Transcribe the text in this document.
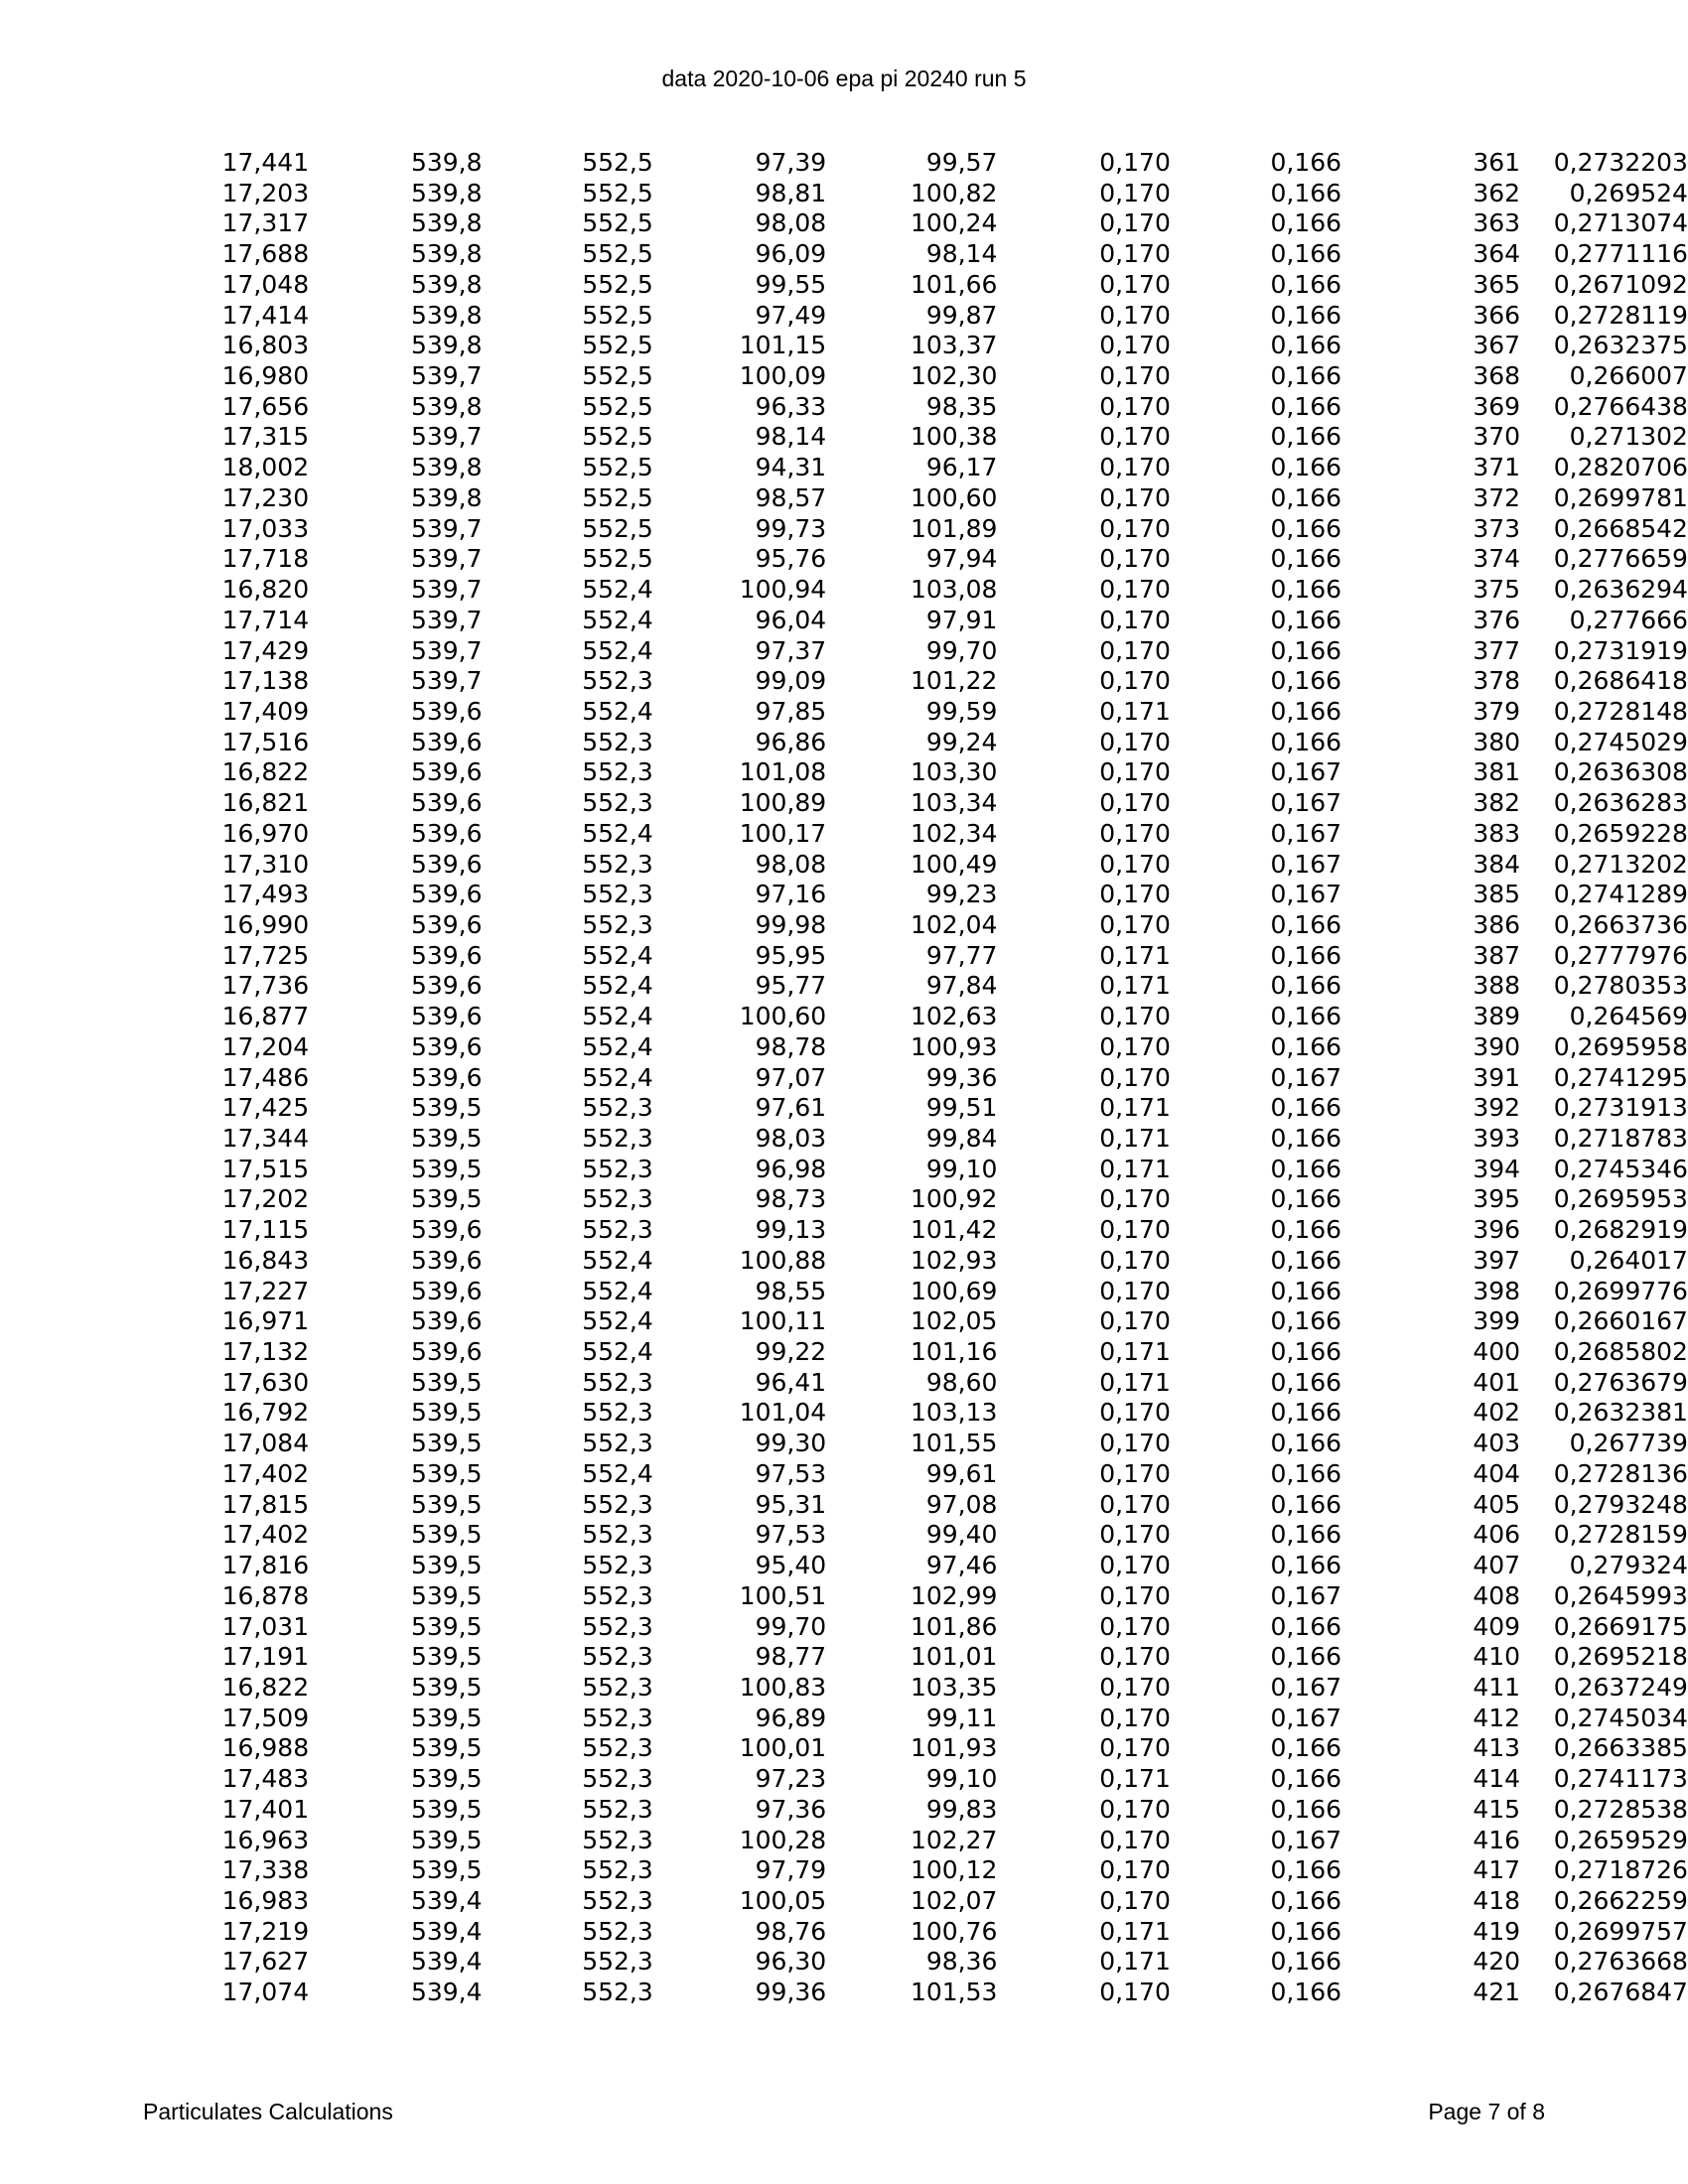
data 2020-10-06 epa pi 20240 run 5
17,441	539,8	552,5	97,39	99,57	0,170	0,166	361	0,2732203	
17,203	539,8	552,5	98,81	100,82	0,170	0,166	362	0,269524	
17,317	539,8	552,5	98,08	100,24	0,170	0,166	363	0,2713074	
17,688	539,8	552,5	96,09	98,14	0,170	0,166	364	0,2771116	
17,048	539,8	552,5	99,55	101,66	0,170	0,166	365	0,2671092	
17,414	539,8	552,5	97,49	99,87	0,170	0,166	366	0,2728119	
16,803	539,8	552,5	101,15	103,37	0,170	0,166	367	0,2632375	
16,980	539,7	552,5	100,09	102,30	0,170	0,166	368	0,266007	
17,656	539,8	552,5	96,33	98,35	0,170	0,166	369	0,2766438	
17,315	539,7	552,5	98,14	100,38	0,170	0,166	370	0,271302	
18,002	539,8	552,5	94,31	96,17	0,170	0,166	371	0,2820706	
17,230	539,8	552,5	98,57	100,60	0,170	0,166	372	0,2699781	
17,033	539,7	552,5	99,73	101,89	0,170	0,166	373	0,2668542	
17,718	539,7	552,5	95,76	97,94	0,170	0,166	374	0,2776659	
16,820	539,7	552,4	100,94	103,08	0,170	0,166	375	0,2636294	
17,714	539,7	552,4	96,04	97,91	0,170	0,166	376	0,277666	
17,429	539,7	552,4	97,37	99,70	0,170	0,166	377	0,2731919	
17,138	539,7	552,3	99,09	101,22	0,170	0,166	378	0,2686418	
17,409	539,6	552,4	97,85	99,59	0,171	0,166	379	0,2728148	
17,516	539,6	552,3	96,86	99,24	0,170	0,166	380	0,2745029	
16,822	539,6	552,3	101,08	103,30	0,170	0,167	381	0,2636308	
16,821	539,6	552,3	100,89	103,34	0,170	0,167	382	0,2636283	
16,970	539,6	552,4	100,17	102,34	0,170	0,167	383	0,2659228	
17,310	539,6	552,3	98,08	100,49	0,170	0,167	384	0,2713202	
17,493	539,6	552,3	97,16	99,23	0,170	0,167	385	0,2741289	
16,990	539,6	552,3	99,98	102,04	0,170	0,166	386	0,2663736	
17,725	539,6	552,4	95,95	97,77	0,171	0,166	387	0,2777976	
17,736	539,6	552,4	95,77	97,84	0,171	0,166	388	0,2780353	
16,877	539,6	552,4	100,60	102,63	0,170	0,166	389	0,264569	
17,204	539,6	552,4	98,78	100,93	0,170	0,166	390	0,2695958	
17,486	539,6	552,4	97,07	99,36	0,170	0,167	391	0,2741295	
17,425	539,5	552,3	97,61	99,51	0,171	0,166	392	0,2731913	
17,344	539,5	552,3	98,03	99,84	0,171	0,166	393	0,2718783	
17,515	539,5	552,3	96,98	99,10	0,171	0,166	394	0,2745346	
17,202	539,5	552,3	98,73	100,92	0,170	0,166	395	0,2695953	
17,115	539,6	552,3	99,13	101,42	0,170	0,166	396	0,2682919	
16,843	539,6	552,4	100,88	102,93	0,170	0,166	397	0,264017	
17,227	539,6	552,4	98,55	100,69	0,170	0,166	398	0,2699776	
16,971	539,6	552,4	100,11	102,05	0,170	0,166	399	0,2660167	
17,132	539,6	552,4	99,22	101,16	0,171	0,166	400	0,2685802	
17,630	539,5	552,3	96,41	98,60	0,171	0,166	401	0,2763679	
16,792	539,5	552,3	101,04	103,13	0,170	0,166	402	0,2632381	
17,084	539,5	552,3	99,30	101,55	0,170	0,166	403	0,267739	
17,402	539,5	552,4	97,53	99,61	0,170	0,166	404	0,2728136	
17,815	539,5	552,3	95,31	97,08	0,170	0,166	405	0,2793248	
17,402	539,5	552,3	97,53	99,40	0,170	0,166	406	0,2728159	
17,816	539,5	552,3	95,40	97,46	0,170	0,166	407	0,279324	
16,878	539,5	552,3	100,51	102,99	0,170	0,167	408	0,2645993	
17,031	539,5	552,3	99,70	101,86	0,170	0,166	409	0,2669175	
17,191	539,5	552,3	98,77	101,01	0,170	0,166	410	0,2695218	
16,822	539,5	552,3	100,83	103,35	0,170	0,167	411	0,2637249	
17,509	539,5	552,3	96,89	99,11	0,170	0,167	412	0,2745034	
16,988	539,5	552,3	100,01	101,93	0,170	0,166	413	0,2663385	
17,483	539,5	552,3	97,23	99,10	0,171	0,166	414	0,2741173	
17,401	539,5	552,3	97,36	99,83	0,170	0,166	415	0,2728538	
16,963	539,5	552,3	100,28	102,27	0,170	0,167	416	0,2659529	
17,338	539,5	552,3	97,79	100,12	0,170	0,166	417	0,2718726	
16,983	539,4	552,3	100,05	102,07	0,170	0,166	418	0,2662259	
17,219	539,4	552,3	98,76	100,76	0,171	0,166	419	0,2699757	
17,627	539,4	552,3	96,30	98,36	0,171	0,166	420	0,2763668	
17,074	539,4	552,3	99,36	101,53	0,170	0,166	421	0,2676847	
Particulates Calculations	Page 7 of 8
